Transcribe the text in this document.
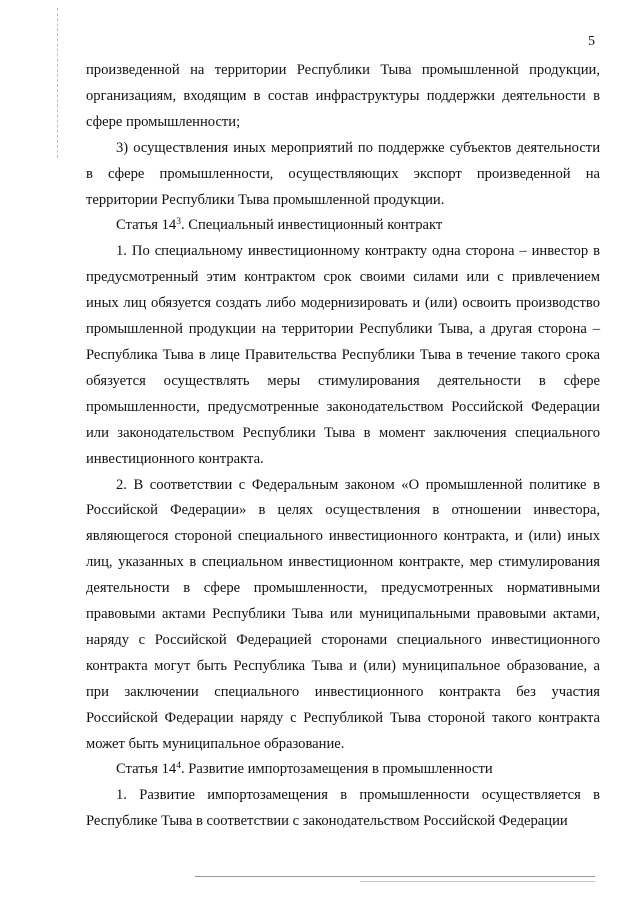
5

произведенной на территории Республики Тыва промышленной продукции, организациям, входящим в состав инфраструктуры поддержки деятельности в сфере промышленности;

3) осуществления иных мероприятий по поддержке субъектов деятельности в сфере промышленности, осуществляющих экспорт произведенной на территории Республики Тыва промышленной продукции.

Статья $14^3$. Специальный инвестиционный контракт

1. По специальному инвестиционному контракту одна сторона – инвестор в предусмотренный этим контрактом срок своими силами или с привлечением иных лиц обязуется создать либо модернизировать и (или) освоить производство промышленной продукции на территории Республики Тыва, а другая сторона – Республика Тыва в лице Правительства Республики Тыва в течение такого срока обязуется осуществлять меры стимулирования деятельности в сфере промышленности, предусмотренные законодательством Российской Федерации или законодательством Республики Тыва в момент заключения специального инвестиционного контракта.

2. В соответствии с Федеральным законом «О промышленной политике в Российской Федерации» в целях осуществления в отношении инвестора, являющегося стороной специального инвестиционного контракта, и (или) иных лиц, указанных в специальном инвестиционном контракте, мер стимулирования деятельности в сфере промышленности, предусмотренных нормативными правовыми актами Республики Тыва или муниципальными правовыми актами, наряду с Российской Федерацией сторонами специального инвестиционного контракта могут быть Республика Тыва и (или) муниципальное образование, а при заключении специального инвестиционного контракта без участия Российской Федерации наряду с Республикой Тыва стороной такого контракта может быть муниципальное образование.

Статья $14^4$. Развитие импортозамещения в промышленности

1. Развитие импортозамещения в промышленности осуществляется в Республике Тыва в соответствии с законодательством Российской Федерации
